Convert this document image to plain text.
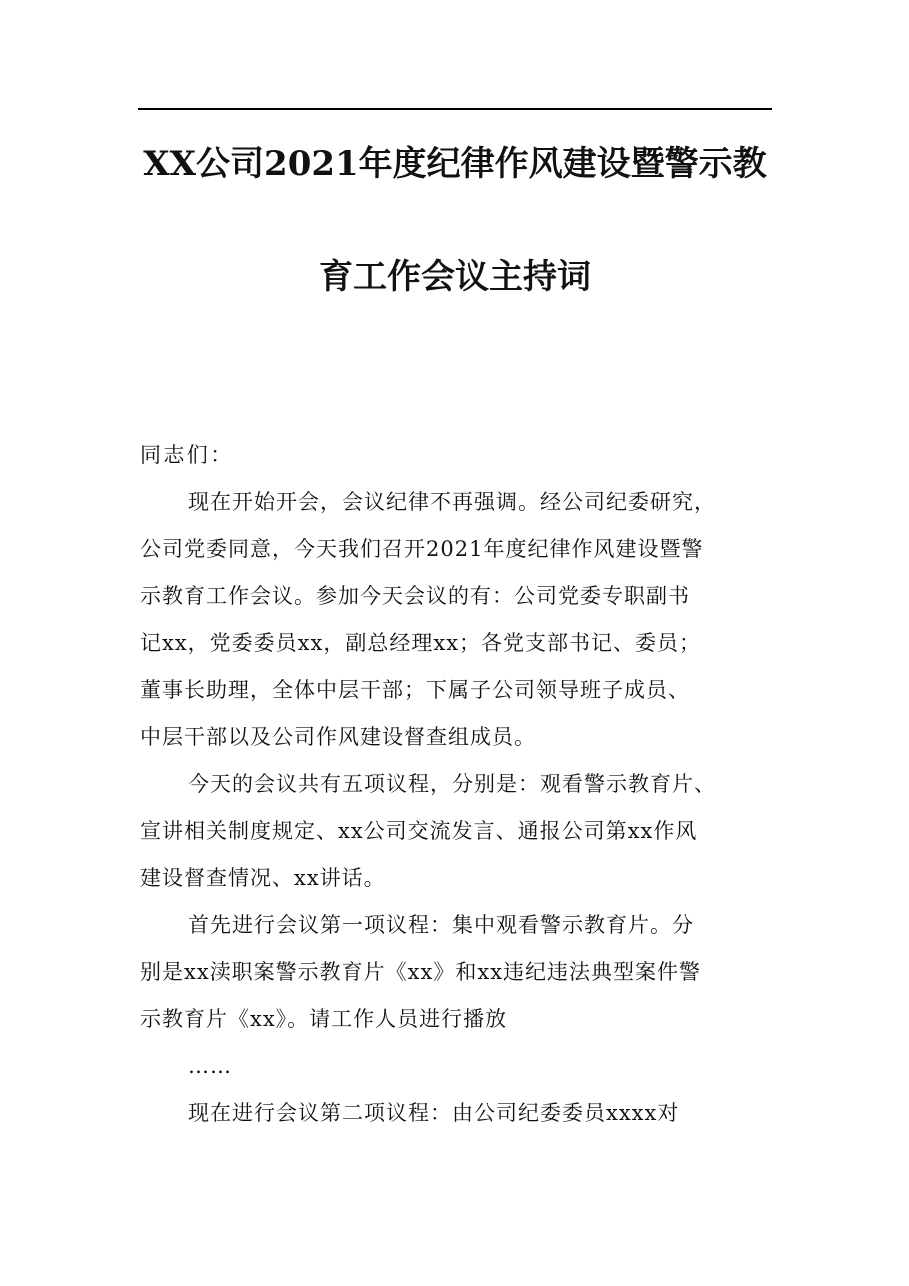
XX公司2021年度纪律作风建设暨警示教
育工作会议主持词
同志们：
现在开始开会，会议纪律不再强调。经公司纪委研究，
公司党委同意，今天我们召开2021年度纪律作风建设暨警
示教育工作会议。参加今天会议的有：公司党委专职副书
记xx，党委委员xx，副总经理xx；各党支部书记、委员；
董事长助理，全体中层干部；下属子公司领导班子成员、
中层干部以及公司作风建设督查组成员。
今天的会议共有五项议程，分别是：观看警示教育片、
宣讲相关制度规定、xx公司交流发言、通报公司第xx作风
建设督查情况、xx讲话。
首先进行会议第一项议程：集中观看警示教育片。分
别是xx渎职案警示教育片《xx》和xx违纪违法典型案件警
示教育片《xx》。请工作人员进行播放
……
现在进行会议第二项议程：由公司纪委委员xxxx对
